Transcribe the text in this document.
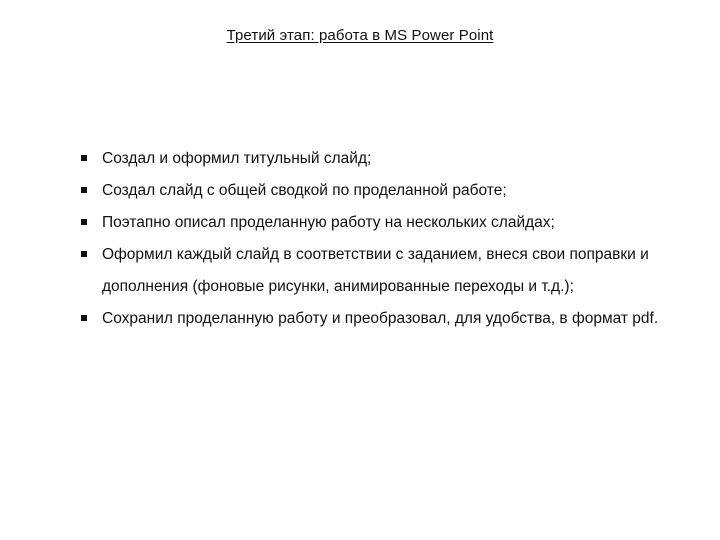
Третий этап: работа в MS Power Point
Создал и оформил титульный слайд;
Создал слайд с общей сводкой по проделанной работе;
Поэтапно описал проделанную работу на нескольких слайдах;
Оформил каждый слайд в соответствии с заданием, внеся свои поправки и дополнения (фоновые рисунки, анимированные переходы и т.д.);
Сохранил проделанную работу и преобразовал, для удобства, в формат pdf.
